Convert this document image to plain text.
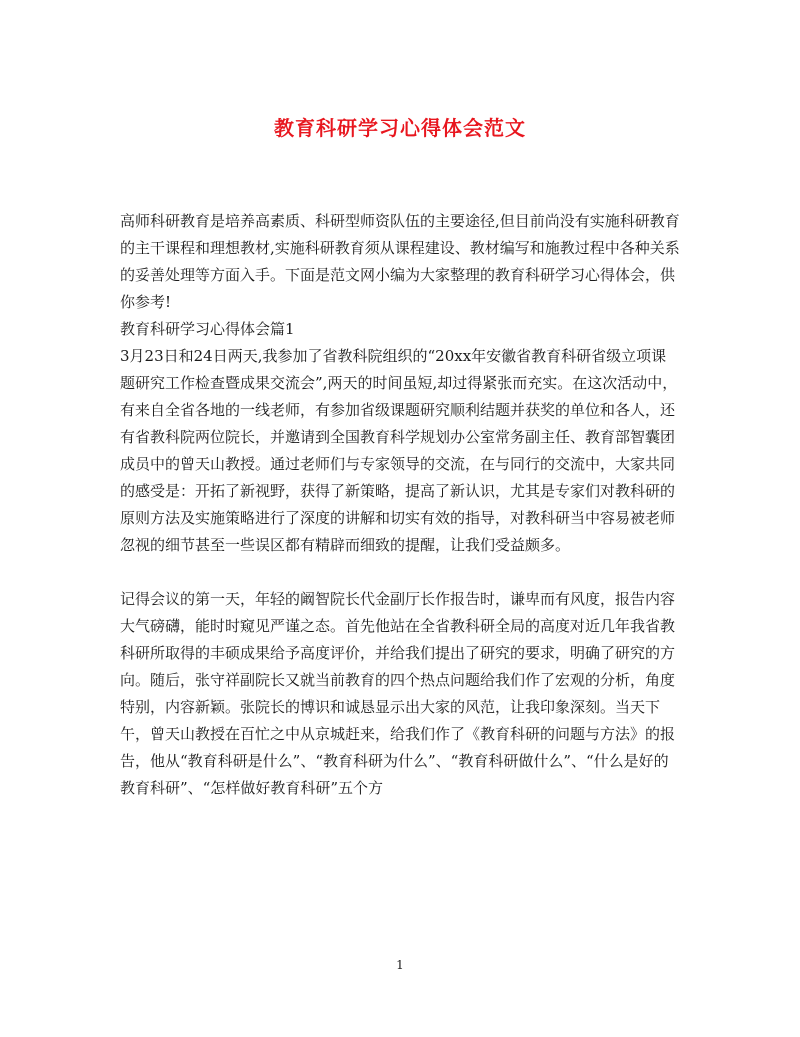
教育科研学习心得体会范文

高师科研教育是培养高素质、科研型师资队伍的主要途径,但目前尚没有实施科研教育的主干课程和理想教材,实施科研教育须从课程建设、教材编写和施教过程中各种关系的妥善处理等方面入手。下面是范文网小编为大家整理的教育科研学习心得体会，供你参考!

教育科研学习心得体会篇1

3月23日和24日两天,我参加了省教科院组织的“20xx年安徽省教育科研省级立项课题研究工作检查暨成果交流会”,两天的时间虽短,却过得紧张而充实。在这次活动中，有来自全省各地的一线老师，有参加省级课题研究顺利结题并获奖的单位和各人，还有省教科院两位院长，并邀请到全国教育科学规划办公室常务副主任、教育部智囊团成员中的曾天山教授。通过老师们与专家领导的交流，在与同行的交流中，大家共同的感受是：开拓了新视野，获得了新策略，提高了新认识，尤其是专家们对教科研的原则方法及实施策略进行了深度的讲解和切实有效的指导，对教科研当中容易被老师忽视的细节甚至一些误区都有精辟而细致的提醒，让我们受益颇多。

记得会议的第一天，年轻的阚智院长代金副厅长作报告时，谦卑而有风度，报告内容大气磅礴，能时时窥见严谨之态。首先他站在全省教科研全局的高度对近几年我省教科研所取得的丰硕成果给予高度评价，并给我们提出了研究的要求，明确了研究的方向。随后，张守祥副院长又就当前教育的四个热点问题给我们作了宏观的分析，角度特别，内容新颖。张院长的博识和诚恳显示出大家的风范，让我印象深刻。当天下午，曾天山教授在百忙之中从京城赶来，给我们作了《教育科研的问题与方法》的报告，他从“教育科研是什么”、“教育科研为什么”、“教育科研做什么”、“什么是好的教育科研”、“怎样做好教育科研”五个方

1
